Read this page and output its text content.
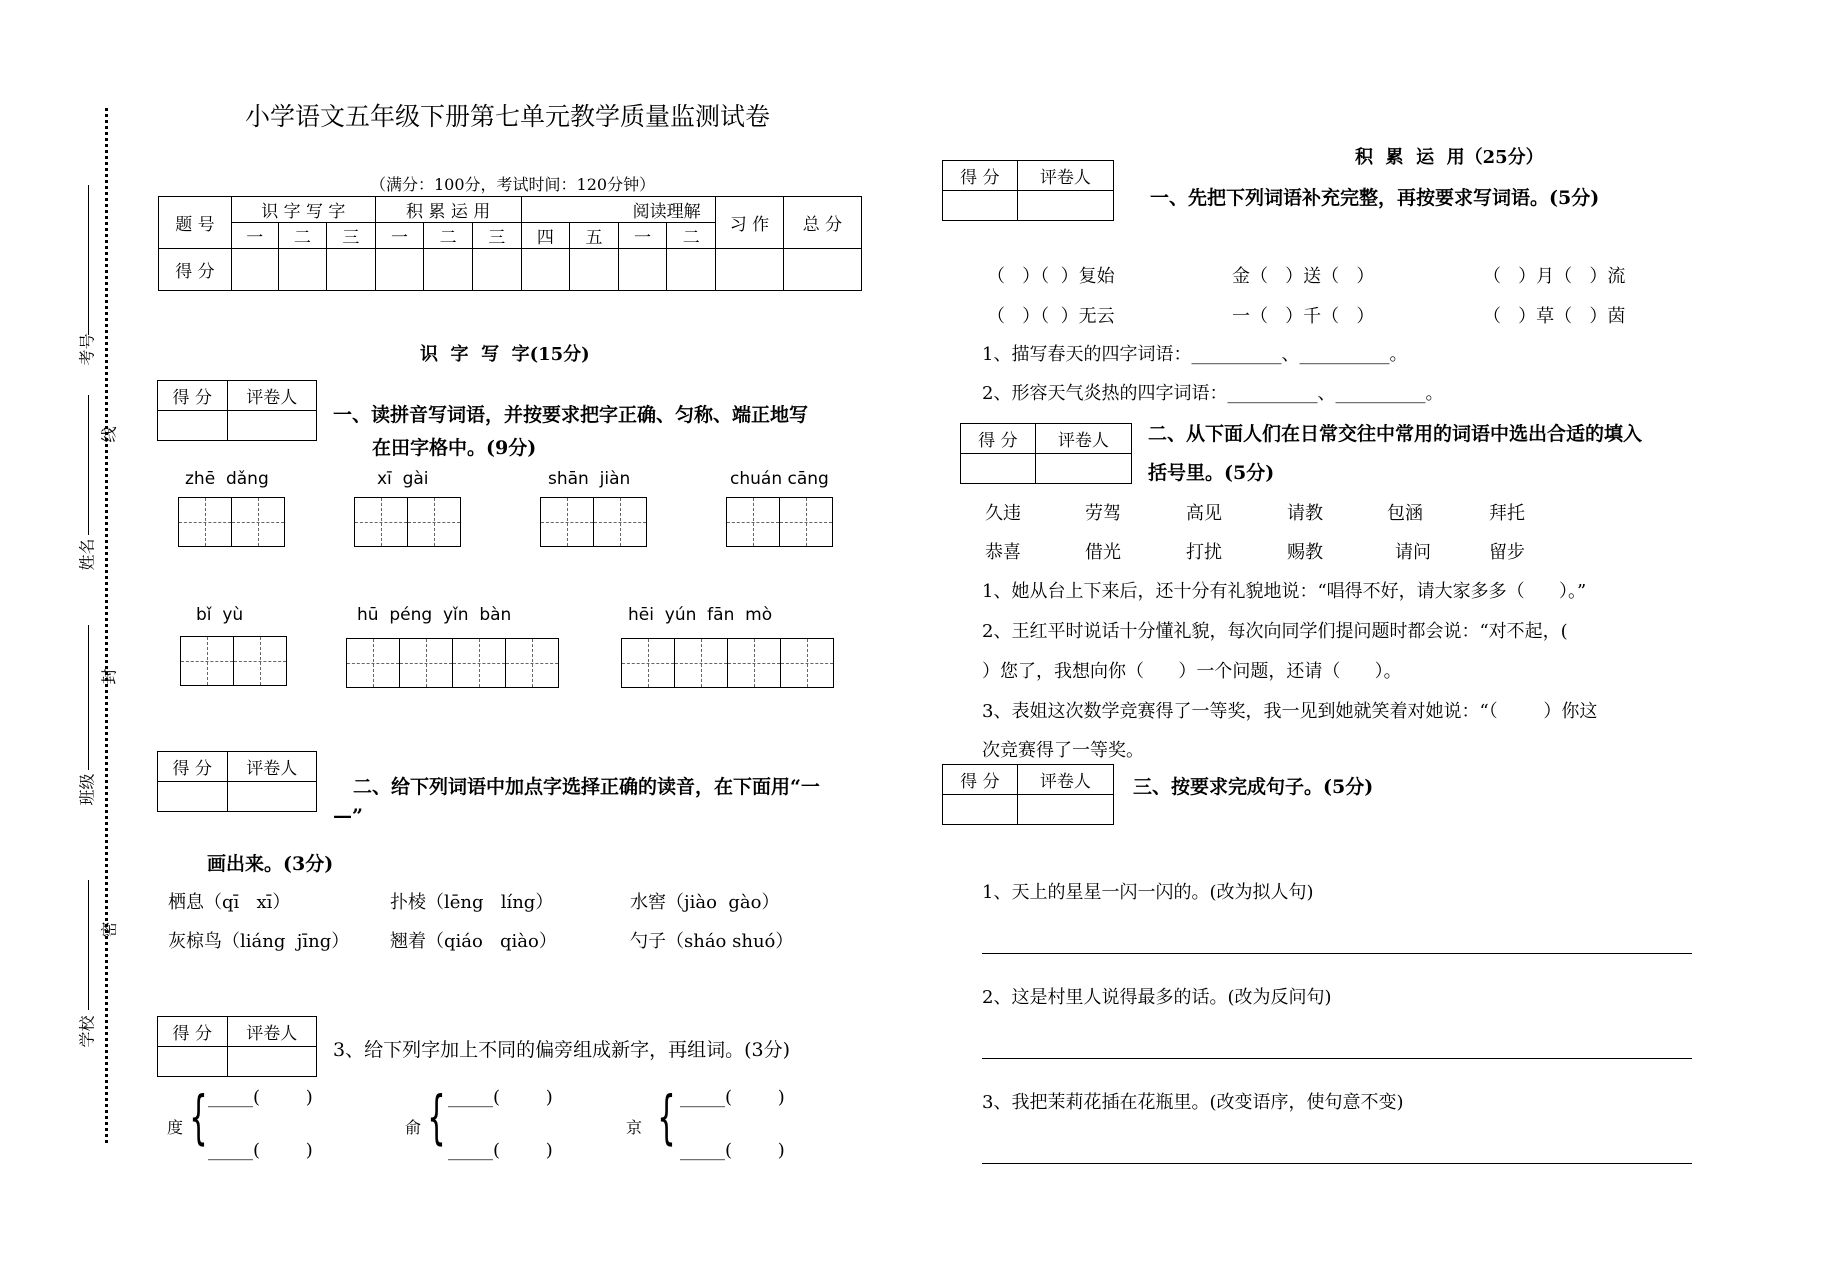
考号
线
姓名
封
班级
密
学校
小学语文五年级下册第七单元教学质量监测试卷
（满分：100分，考试时间：120分钟）
题 号	识 字 写 字			积 累 运 用					阅读理解		习 作	总 分
	一	二	三	一	二	三	四	五	一	二		
得 分												
识  字  写  字(15分)
得 分	评卷人

一、读拼音写词语，并按要求把字正确、匀称、端正地写
在田字格中。(9分)
zhē  dǎng	xī  gài	shān  jiàn	chuán cāng
bǐ  yù	hū  péng  yǐn  bàn	hēi  yún  fān  mò
得 分	评卷人

二、给下列词语中加点字选择正确的读音，在下面用“一
—”
画出来。(3分)
栖息（qī   xī）	扑棱（lēng   líng）	水窖（jiào  gào）
灰椋鸟（liáng  jīng） 翘着（qiáo   qiào）	勺子（sháo shuó）
得 分	评卷人

3、给下列字加上不同的偏旁组成新字，再组词。(3分)
度 { _____(        )
_____(        )
俞 { _____(        )
_____(        )
京 { _____(        )
_____(        )
积  累  运  用（25分）
得 分	评卷人

一、先把下列词语补充完整，再按要求写词语。(5分)
（   ）（  ）复始	金（   ）送（   ）	（   ）月（   ）流
（   ）（  ）无云	一（   ）千（   ）	（   ）草（   ）茵
1、描写春天的四字词语：__________、__________。
2、形容天气炎热的四字词语：__________、__________。
得 分	评卷人
	二、从下面人们在日常交往中常用的词语中选出合适的填入
括号里。(5分)
久违	劳驾	高见	请教	包涵	拜托
恭喜	借光	打扰	赐教	请问	留步
1、她从台上下来后，还十分有礼貌地说：“唱得不好，请大家多多（      ）。”
2、王红平时说话十分懂礼貌，每次向同学们提问题时都会说：“对不起，(
）您了，我想向你（      ）一个问题，还请（      ）。
3、表姐这次数学竞赛得了一等奖，我一见到她就笑着对她说：“（        ）你这
次竞赛得了一等奖。
得 分	评卷人
	三、按要求完成句子。(5分)
1、天上的星星一闪一闪的。(改为拟人句)
2、这是村里人说得最多的话。(改为反问句)
3、我把茉莉花插在花瓶里。(改变语序，使句意不变)
